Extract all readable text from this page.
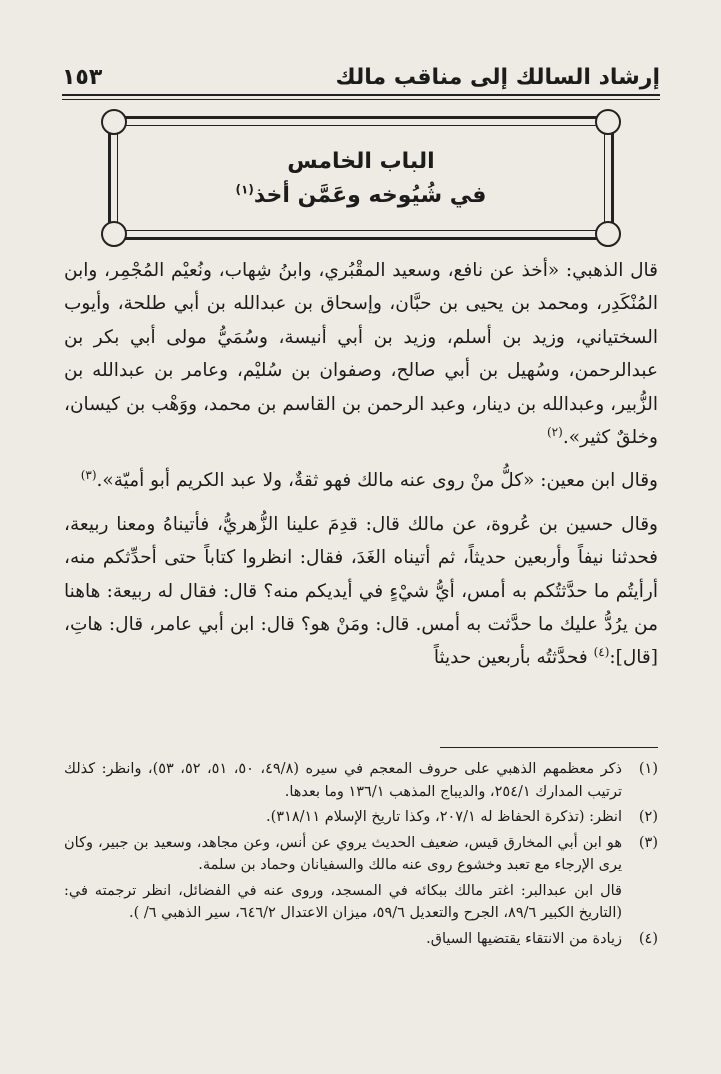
إرشاد السالك إلى مناقب مالك
١٥٣
الباب الخامس
في شُيُوخه وعَمَّن أخذ$^{(١)}$

قال الذهبي: «أخذ عن نافع، وسعيد المقْبُري، وابنُ شِهاب، ونُعيْم المُجْمِر، وابن المُنْكَدِر، ومحمد بن يحيى بن حبَّان، وإسحاق بن عبدالله بن أبي طلحة، وأيوب السختياني، وزيد بن أسلم، وزيد بن أبي أنيسة، وسُمَيُّ مولى أبي بكر بن عبدالرحمن، وسُهيل بن أبي صالح، وصفوان بن سُليْم، وعامر بن عبدالله بن الزُّبير، وعبدالله بن دينار، وعبد الرحمن بن القاسم بن محمد، ووَهْب بن كيسان، وخلقٌ كثير».$^{(٢)}$

وقال ابن معين: «كلُّ منْ روى عنه مالك فهو ثقةٌ، ولا عبد الكريم أبو أميّة».$^{(٣)}$

وقال حسين بن عُروة، عن مالك قال: قدِمَ علينا الزُّهريُّ، فأتيناهُ ومعنا ربيعة، فحدثنا نيفاً وأربعين حديثاً، ثم أتيناه الغَدَ، فقال: انظروا كتاباً حتى أحدِّثكم منه، أرأيتُم ما حدَّثتُكم به أمس، أيُّ شيْءٍ في أيديكم منه؟ قال: فقال له ربيعة: هاهنا من يرُدُّ عليك ما حدَّثت به أمس. قال: ومَنْ هو؟ قال: ابن أبي عامر، قال: هاتِ، [قال]:$^{(٤)}$ فحدَّثتُه بأربعين حديثاً

(١)
ذكر معظمهم الذهبي على حروف المعجم في سيره (٤٩/٨، ٥٠، ٥١، ٥٢، ٥٣)، وانظر: كذلك ترتيب المدارك ٢٥٤/١، والديباج المذهب ١٣٦/١ وما بعدها.
(٢)
انظر: (تذكرة الحفاظ له ٢٠٧/١، وكذا تاريخ الإسلام ٣١٨/١١).
(٣)
هو ابن أبي المخارق قيس، ضعيف الحديث يروي عن أنس، وعن مجاهد، وسعيد بن جبير، وكان يرى الإرجاء مع تعبد وخشوع روى عنه مالك والسفيانان وحماد بن سلمة.
قال ابن عبدالبر: اغتر مالك ببكائه في المسجد، وروى عنه في الفضائل، انظر ترجمته في: (التاريخ الكبير ٨٩/٦، الجرح والتعديل ٥٩/٦، ميزان الاعتدال ٦٤٦/٢، سير الذهبي ٦/ ).
(٤)
زيادة من الانتقاء يقتضيها السياق.
